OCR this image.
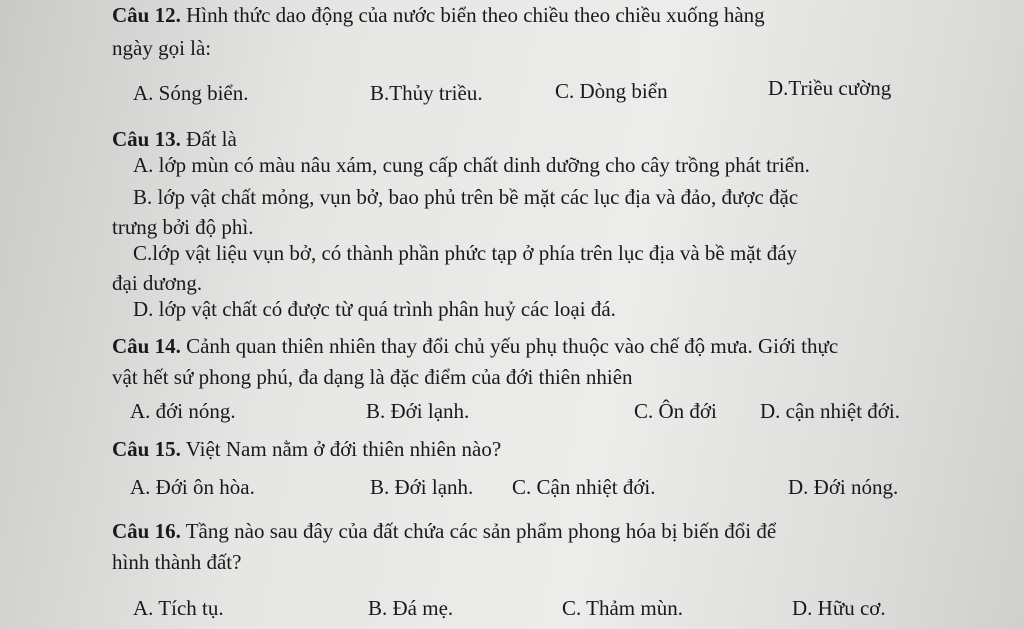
Câu 12. Hình thức dao động của nước biển theo chiều theo chiều xuống hàng
ngày gọi là:
A. Sóng biển.	B.Thủy triều.	C. Dòng biển	D.Triều cường
Câu 13. Đất là
A. lớp mùn có màu nâu xám, cung cấp chất dinh dưỡng cho cây trồng phát triển.
B. lớp vật chất mỏng, vụn bở, bao phủ trên bề mặt các lục địa và đảo, được đặc
trưng bởi độ phì.
C.lớp vật liệu vụn bở, có thành phần phức tạp ở phía trên lục địa và bề mặt đáy
đại dương.
D. lớp vật chất có được từ quá trình phân huỷ các loại đá.
Câu 14. Cảnh quan thiên nhiên thay đổi chủ yếu phụ thuộc vào chế độ mưa. Giới thực
vật hết sứ phong phú, đa dạng là đặc điểm của đới thiên nhiên
A. đới nóng.	B. Đới lạnh.	C. Ôn đới D. cận nhiệt đới.
Câu 15. Việt Nam nằm ở đới thiên nhiên nào?
A. Đới ôn hòa.	B. Đới lạnh. C. Cận nhiệt đới.	D. Đới nóng.
Câu 16. Tầng nào sau đây của đất chứa các sản phẩm phong hóa bị biến đổi để
hình thành đất?
A. Tích tụ.	B. Đá mẹ.	C. Thảm mùn.	D. Hữu cơ.
